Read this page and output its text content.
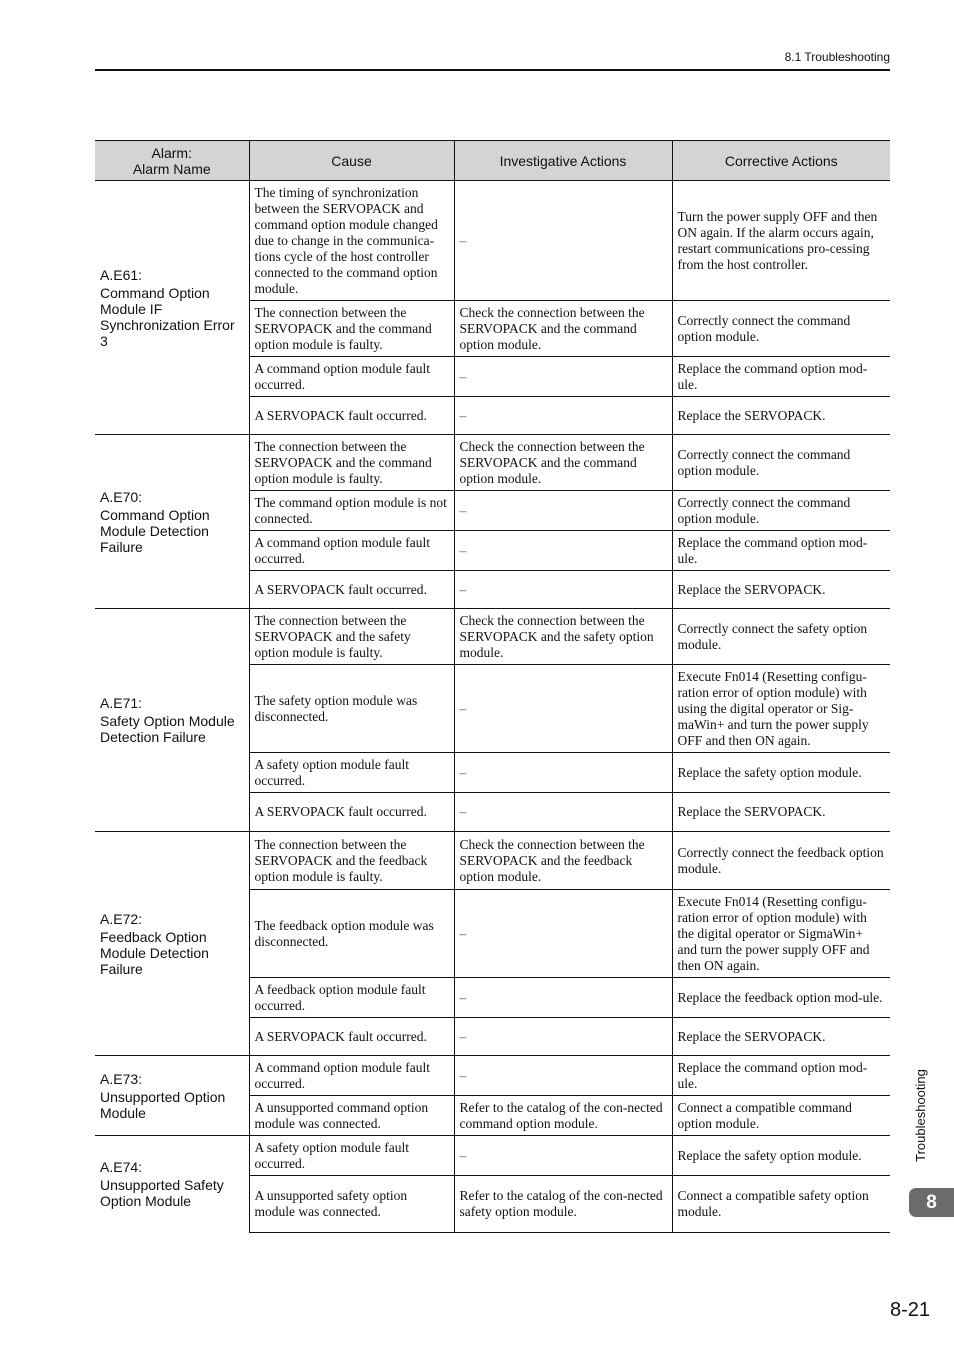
8.1 Troubleshooting
Alarm:
Alarm Name	Cause	Investigative Actions	Corrective Actions

A.E61:
Command Option Module IF Synchronization Error 3	The timing of synchronization between the SERVOPACK and command option module changed due to change in the communica-tions cycle of the host controller connected to the command option module.	–	Turn the power supply OFF and then ON again. If the alarm occurs again, restart communications pro-cessing from the host controller.
	The connection between the SERVOPACK and the command option module is faulty.	Check the connection between the SERVOPACK and the command option module.	Correctly connect the command option module.
	A command option module fault occurred.	–	Replace the command option mod-ule.
	A SERVOPACK fault occurred.	–	Replace the SERVOPACK.

A.E70:
Command Option Module Detection Failure	The connection between the SERVOPACK and the command option module is faulty.	Check the connection between the SERVOPACK and the command option module.	Correctly connect the command option module.
	The command option module is not connected.	–	Correctly connect the command option module.
	A command option module fault occurred.	–	Replace the command option mod-ule.
	A SERVOPACK fault occurred.	–	Replace the SERVOPACK.

A.E71:
Safety Option Module Detection Failure	The connection between the SERVOPACK and the safety option module is faulty.	Check the connection between the SERVOPACK and the safety option module.	Correctly connect the safety option module.
	The safety option module was disconnected.	–	Execute Fn014 (Resetting configu-ration error of option module) with using the digital operator or Sig-maWin+ and turn the power supply OFF and then ON again.
	A safety option module fault occurred.	–	Replace the safety option module.
	A SERVOPACK fault occurred.	–	Replace the SERVOPACK.

A.E72:
Feedback Option Module Detection Failure	The connection between the SERVOPACK and the feedback option module is faulty.	Check the connection between the SERVOPACK and the feedback option module.	Correctly connect the feedback option module.
	The feedback option module was disconnected.	–	Execute Fn014 (Resetting configu-ration error of option module) with the digital operator or SigmaWin+ and turn the power supply OFF and then ON again.
	A feedback option module fault occurred.	–	Replace the feedback option mod-ule.
	A SERVOPACK fault occurred.	–	Replace the SERVOPACK.

A.E73:
Unsupported Option Module	A command option module fault occurred.	–	Replace the command option mod-ule.
	A unsupported command option module was connected.	Refer to the catalog of the con-nected command option module.	Connect a compatible command option module.

A.E74:
Unsupported Safety Option Module	A safety option module fault occurred.	–	Replace the safety option module.
	A unsupported safety option module was connected.	Refer to the catalog of the con-nected safety option module.	Connect a compatible safety option module.
Troubleshooting
8
8-21
